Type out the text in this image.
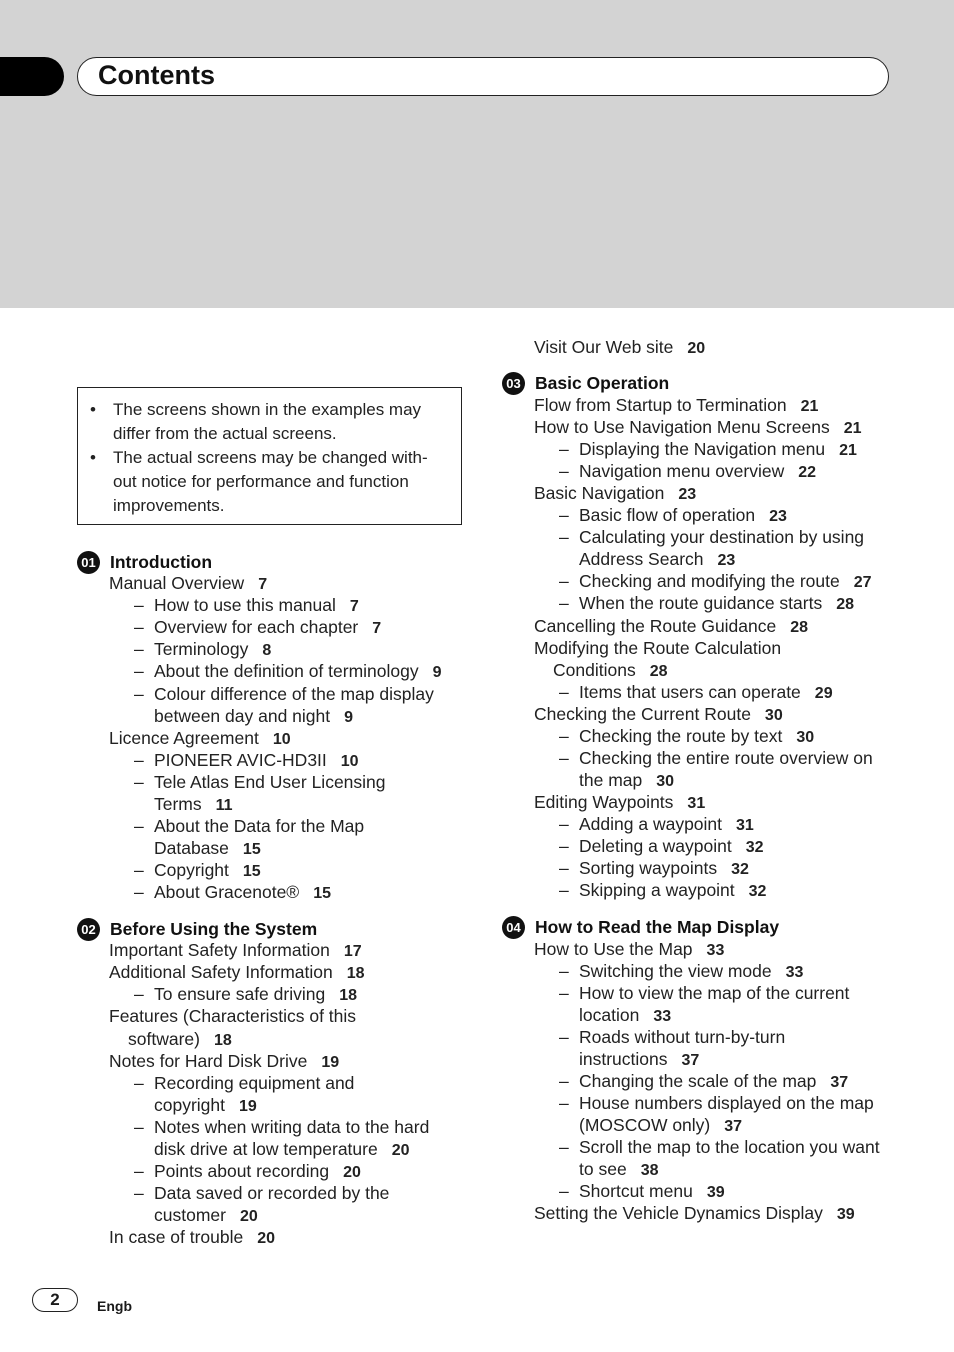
Contents
• The screens shown in the examples may
differ from the actual screens.
• The actual screens may be changed with-
out notice for performance and function
improvements.
01 Introduction
02 Before Using the System
03 Basic Operation
04 How to Read the Map Display
Manual Overview 7
– How to use this manual 7
– Overview for each chapter 7
– Terminology 8
– About the definition of terminology 9
– Colour difference of the map display
between day and night 9
Licence Agreement 10
– PIONEER AVIC-HD3II 10
– Tele Atlas End User Licensing
Terms 11
– About the Data for the Map
Database 15
– Copyright 15
– About Gracenote® 15
Important Safety Information 17
Additional Safety Information 18
– To ensure safe driving 18
Features (Characteristics of this
software) 18
Notes for Hard Disk Drive 19
– Recording equipment and
copyright 19
– Notes when writing data to the hard
disk drive at low temperature 20
– Points about recording 20
– Data saved or recorded by the
customer 20
In case of trouble 20
Visit Our Web site 20
Flow from Startup to Termination 21
How to Use Navigation Menu Screens 21
– Displaying the Navigation menu 21
– Navigation menu overview 22
Basic Navigation 23
– Basic flow of operation 23
– Calculating your destination by using
Address Search 23
– Checking and modifying the route 27
– When the route guidance starts 28
Cancelling the Route Guidance 28
Modifying the Route Calculation
Conditions 28
– Items that users can operate 29
Checking the Current Route 30
– Checking the route by text 30
– Checking the entire route overview on
the map 30
Editing Waypoints 31
– Adding a waypoint 31
– Deleting a waypoint 32
– Sorting waypoints 32
– Skipping a waypoint 32
How to Use the Map 33
– Switching the view mode 33
– How to view the map of the current
location 33
– Roads without turn-by-turn
instructions 37
– Changing the scale of the map 37
– House numbers displayed on the map
(MOSCOW only) 37
– Scroll the map to the location you want
to see 38
– Shortcut menu 39
Setting the Vehicle Dynamics Display 39
2	Engb
